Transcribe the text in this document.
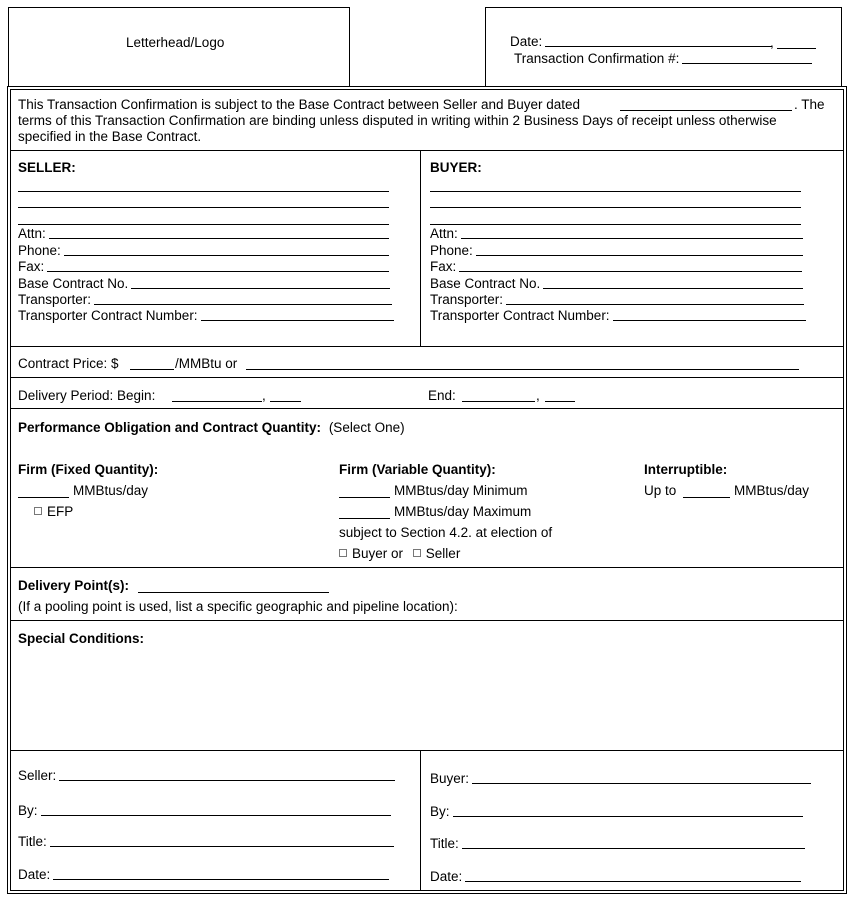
Letterhead/Logo	Date:	,
Transaction Confirmation #:
This Transaction Confirmation is subject to the Base Contract between Seller and Buyer dated	. The
terms of this Transaction Confirmation are binding unless disputed in writing within 2 Business Days of receipt unless otherwise
specified in the Base Contract.
SELLER:
Attn:
Phone:
Fax:
Base Contract No.
Transporter:
Transporter Contract Number:
BUYER:
Attn:
Phone:
Fax:
Base Contract No.
Transporter:
Transporter Contract Number:
Contract Price: $	/MMBtu or
Delivery Period: Begin:	,	End:	,
Performance Obligation and Contract Quantity: (Select One)
Firm (Fixed Quantity):
MMBtus/day
EFP
Firm (Variable Quantity):
MMBtus/day Minimum
MMBtus/day Maximum
subject to Section 4.2. at election of
Buyer or Seller
Interruptible:
Up to	MMBtus/day
Delivery Point(s):
(If a pooling point is used, list a specific geographic and pipeline location):
Special Conditions:
Seller:
By:
Title:
Date:
Buyer:
By:
Title:
Date:
